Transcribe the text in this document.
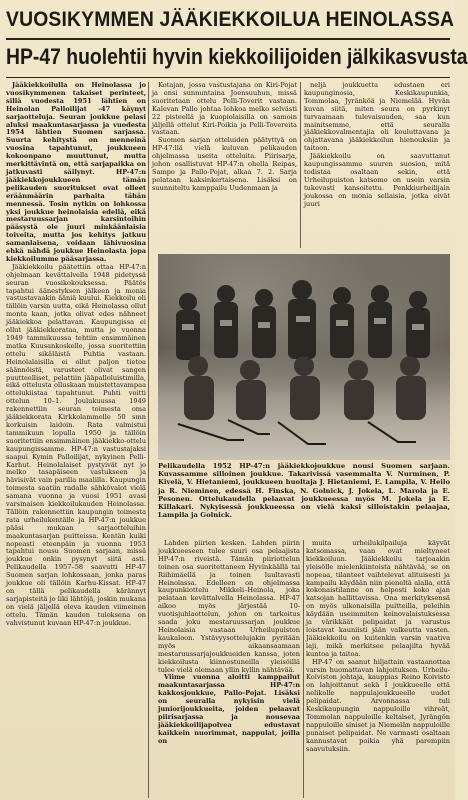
VUOSIKYMMEN JÄÄKIEKKOILUA HEINOLASSA
HP-47 huolehtii hyvin kiekkoilijoiden jälkikasvusta

Jääkiekkoilulla on Heinolassa jo vuosikymmenen takaiset perinteet, sillä vuodesta 1951 lähtien on Heinolan Palloilijat -47 käynyt sarjaotteluja. Seuran joukkue pelasi aluksi maakuntasarjassa ja vuodesta 1954 lähtien Suomen sarjassa. Suurta kehitystä on menneinä vuosina tapahtunut, joukkueen kokoonpano muuttunut, mutta merkittävintä on, että sarjapaikka on jatkuvasti säilynyt. HP-47:n jääkiekkojoukkueen tämän pelikauden suoritukset ovat olleet eräänmäärin parhaita tähän mennessä. Tosin nytkin on lohkossa yksi joukkue heinolaisia edellä, eikä mestaruussarjan karsintoihin pääsystä ole juuri minkäänlaisia toiveita, mutta jos kehitys jatkuu samanlaisena, voidaan lähivuosina ehkä nähdä joukkue Heinolasta jopa kiekkoilumme pääsarjassa.

Jääkiekkoilu päätettiin ottaa HP-47:n ohjelmaan kevättalvella 1948 pidetyssä seuran vuosikokouksessa. Päätös tapahtui äänestyksen jälkeen ja monia vastustavaakin ääniä kuului. Kiekkoilu oli tällöin varsin uutta, eikä Heinolassa ollut monta kaan, jotka olivat edes nähneet jääkiekkoa pelattavan. Kaupungissa ei ollut jääkiekkorataa, mutta jo vuonna 1949 tammikuussa tehtiin ensimmäinen matka Kuusankoskelle, jossa suoritettiin ottelu sikäläistä Puhtia vastaan. Heinolalaisilla ei ollut paljon tietoa säännöistä, varusteet olivat sangen puutteelliset, pelattiin jääpalloluistimilla, eikä ottelusta olluskaan muistettavampaa ottelukiistaa tapahtunut. Puhti voitti ottelun 10–1. Joulukuussa 1949 rakennettiin seuran toimesta oma jääkiekkorata Kirkkolammelle 50 smn korkuisin laidoin. Rata valmistui tammikuun lopulla 1950 ja tällöin suoritettiin ensimmäinen jääkiekko-ottelu kaupungissamme. HP-47:n vastustajaksi saapui Kymin Palloilijat, nykyinen Pelli-Karhut. Heinolalaiset pystyivät nyt jo melko tasapäiseen vastukseen ja hävisivät vain parilla maalilla. Kaupungin toimesta saatiin radalle sähkövalot vielä samana vuonna ja vuosi 1951 avasi varsinaisen kiekkoilukauden Heinolassa. Tällöin rakennettiin kaupungin toimesta rata urheilukentälle ja HP-47:n joukkue pääsi mukaan sarjaotteluihin maakuntasarjan puitteissa. Kentän kuiki nopeasti eteenpäin ja vuonna 1953 tapahtui nousu Suomen sarjaan, missä joukkue onkin pysynyt siitä asti. Pelikaudella 1957–58 saavutti HP-47 Suomen sarjan lohkossaan, jonka paras joukkue oli tällöin Karhu-Kissat. HP-47 on tällä pelikaudella kärännyt sarjapisteitä jo liki lähtöjä, joskin mukana on vielä jäljellä oleva kauden viimeinen ottelu. Tämän kauden tuloksena on vahvistunut kuvaan HP-47:n joukkue.

Kotajan, jossa vastustajana on Kiri-Pojat ja ensi sunnuntaina Joensuuhun, missä suoritetaan ottelu Pelli-Toverit vastaan. Kalevan Pallo johtaa lohkoa melko selvästi 22 pisteellä ja kuopiolaisilla on samoin jäljellä ottelut Kiri-Poikia ja Pelli-Tovereita vastaan.

Suomen sarjan otteluiden päätyttyä on HP-47:llä vielä kuluvan pelikauden ohjelmassa useita otteluita. Piirisarja, johon osallistuvat HP-47:n ohella Reipas, Sampo ja Pallo-Pojat, alkaa 7. 2. Sarja pelataan kaksinkertaisena. Lisäksi on suunniteltu kamppailu Uudenmaan ja

neljä joukkuetta edustaen eri kaupunginosia, Keskikaupunkia, Tommolaa, Jyränköä ja Niemelää. Hyvän kuvan siitä, miten seura on pyrkinyt turvaamaan tulevaisuuden, saa kun mainitsemme, että seuralla jääkiekkovalmentajia oli kouluttavana ja ohjattavana jääkiekkoilun hienouksiin ja taitoon.

Jääkiekkoilu on saavuttanut kaupungissamme suuren suosion, mitä todistaa osaltaan sekin, että Urheilupuiston katsomo on usein varsin tukevasti kansoitettu. Penkkiurheilijain joukossa on monia sellaisia, jotka eivät juuri

Pelikaudella 1952 HP-47:n jääkiekkojoukkue nousi Suomen sarjaan. Kuvassamme silloinen joukkue. Takarivissä vasemmalta V. Nurminen, P. Kivelä, V. Hietaniemi, joukkueen huoltaja J. Hietaniemi, E. Lampila, V. Heilo ja R. Nieminen, edessä H. Finska, N. Golnick, J. Jokela, L. Marola ja E. Pesonen. Ottelukaudella pelaavat joukkueessa myös M. Jokela ja E. Killakari. Nykyisessä joukkueessa on vielä kaksi silloistakin pelaajaa, Lampila ja Golnick.

Lahden piirien kesken. Lahden piirin joukkueeseen tulee suuri osa pelaajista HP-47:n riveistä. Tämän piiriottelun toinen osa suoritettaneen Hyvinkäällä tai Riihimäellä ja toinen luultavasti Heinolassa. Edelleen on ohjelmassa kaupunkiottelu Mikkeli–Heinola, joka pelataan kevättalvella Heinolassa. HP-47 aikoo myös järjestää 10-vuotisjuhlaottelun, johon on tarkoitus saada joku mestaruussarjan joukkue Heinolaisia vastaan Urheilupuiston kaukaloon. Ystävyysottelujakin pyritään myös aikaansaamaan mestaruussarjajoukkueiden kanssa, joten kiekkoilusta kiinnostuneilla yleisöillä tulee vielä olemaan yllin kyllin nähtävää.

Viime vuonna aloitti kamppailut maakuntasarjassa HP-47:n kakkosjoukkue, Pallo-Pojat. Lisäksi on seuralla nykyisin vielä juniorijoukkueita, joiden pelaavat piirisarjassa ja nousevaa jääkiekkoilijapolvea edustavat kaikkein nuorimmat, nappulat, joilla on

muita urheilukilpailuja käyvät katsomassa, vaan ovat mieltyneet kiekkoiluun. Jääkiekkoilu tarjoaakin yleisölle mielenkiintoista nähtävää, se on nopeaa, tilanteet vaihtelevat alituisesti ja kampailu käydään niin pieneltä alalla, että kokonaistilanne on helposti koko ajan katsojan hallittavissa. Ona merkityksensä on myös ulkonaisilla puitteilla, peleihin käydään useimmiten keinovalaistuksessa ja värikkäät pelipaidat ja varustus loistavat kauniisti jään valkeutta vasten. Jääkiekkoilu on kuitenkin varsin vaativa laji, mikä merkitsee pelaajilta hyvää kuntoa ja taitoa.

HP-47 on saanut hiljattain vastaanottaa varsin huomattavan lahjoituksen. Urheilu-Koiviston johtaja, kauppias Reino Koivisto on lahjoittanut sekä I joukkueelle että nelikolle nappulajoukkueelle uudet pelipaidat. Arvonnassa tuli Keskikaupungin nappuloille vihreät, Tommolan nappuloille keltaiset, Jyrängön nappuloille siniset ja Niemelän nappuloille punaiset pelipaidat. Ne varmasti osaltaan kannustavat poikia yhä parempiin saavutuksiin.
